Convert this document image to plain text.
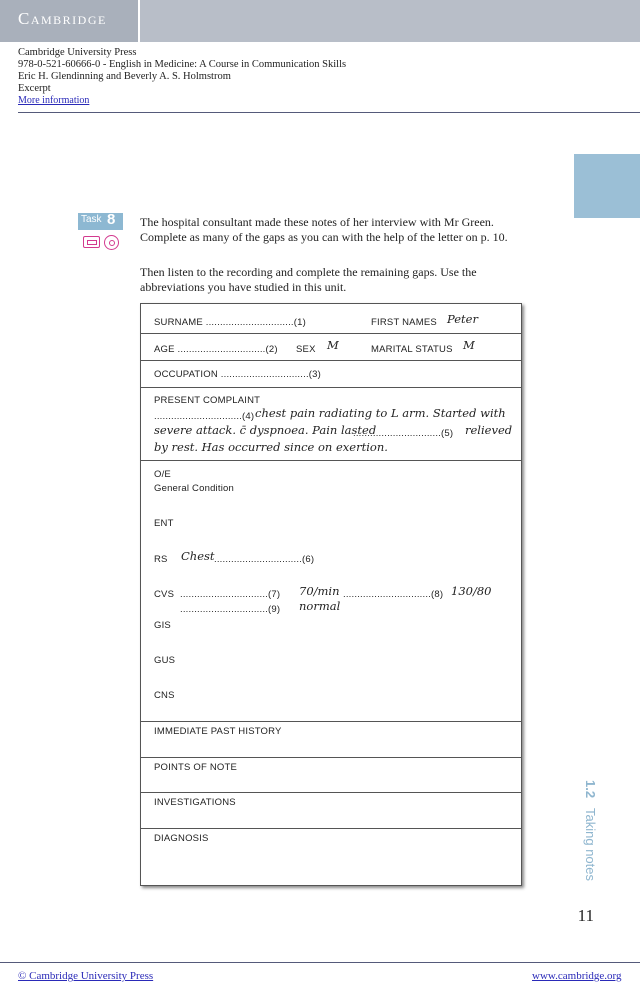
Cambridge
Cambridge University Press
978-0-521-60666-0 - English in Medicine: A Course in Communication Skills
Eric H. Glendinning and Beverly A. S. Holmstrom
Excerpt
More information
1.2
Taking notes
Task 8 The hospital consultant made these notes of her interview with Mr Green. Complete as many of the gaps as you can with the help of the letter on p. 10.
Then listen to the recording and complete the remaining gaps. Use the abbreviations you have studied in this unit.
SURNAME ...............................(1)	FIRST NAMES Peter
AGE ...............................(2) SEX M	MARITAL STATUS M
OCCUPATION ...............................(3)
PRESENT COMPLAINT
...............................(4) chest pain radiating to L arm. Started with
severe attack. c̄ dyspnoea. Pain lasted
...............................(5) relieved
by rest. Has occurred since on exertion.
O/E
General Condition
ENT
RS Chest ...............................(6)
CVS ...............................(7) 70/min ...............................(8) 130/80
...............................(9) normal
GIS
GUS
CNS
IMMEDIATE PAST HISTORY
POINTS OF NOTE
INVESTIGATIONS
DIAGNOSIS
11
© Cambridge University Press	www.cambridge.org
